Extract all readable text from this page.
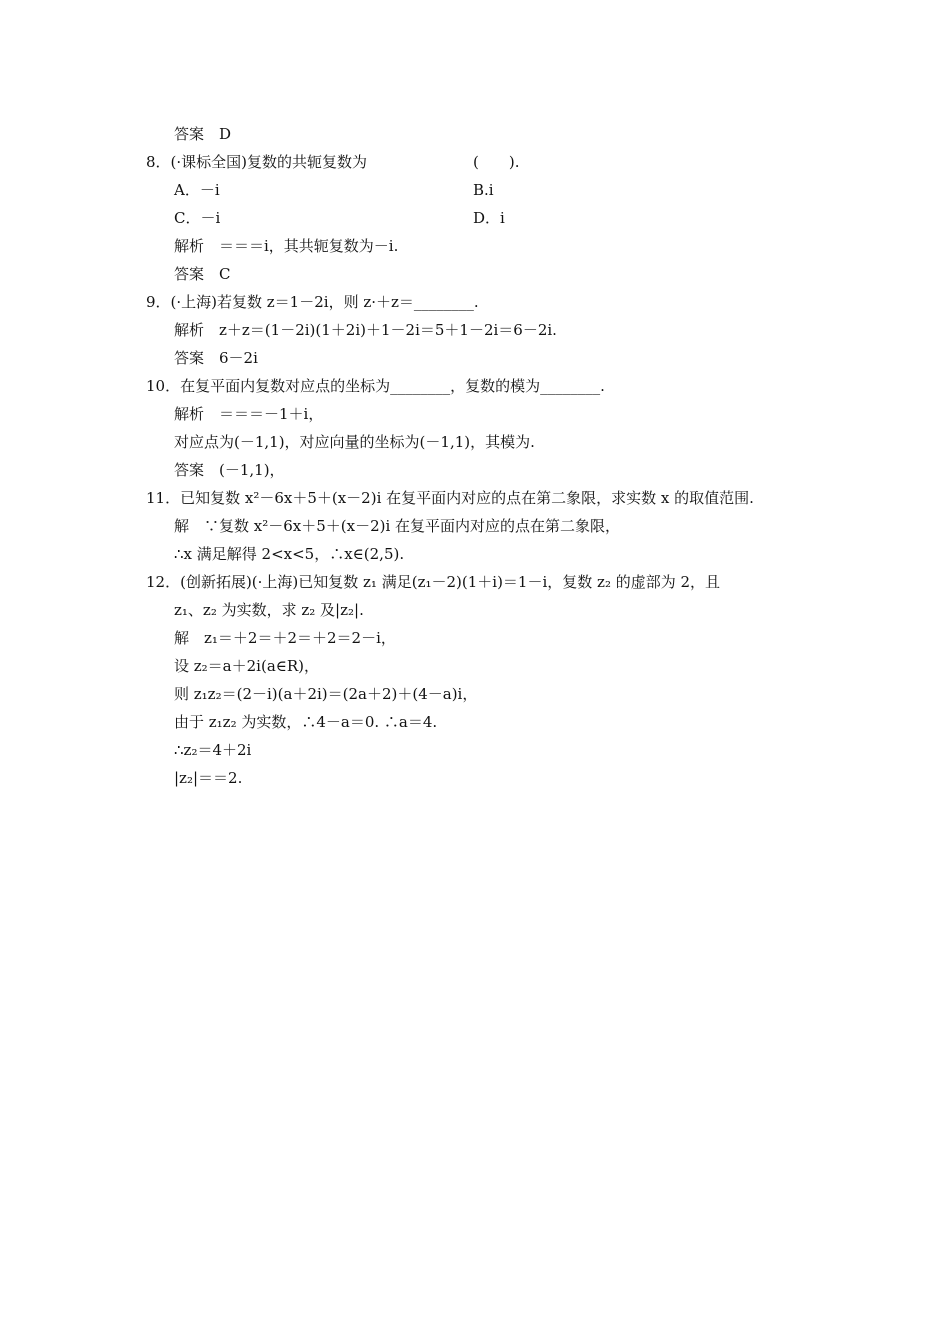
答案　D
8．(·课标全国)复数的共轭复数为	(　　).
A．－i	B.i
C．－i	D．i
解析　＝＝＝i，其共轭复数为－i.
答案　C
9．(·上海)若复数 z＝1－2i，则 z·＋z＝________.
解析　z＋z＝(1－2i)(1＋2i)＋1－2i＝5＋1－2i＝6－2i.
答案　6－2i
10．在复平面内复数对应点的坐标为________，复数的模为________.
解析　＝＝＝－1＋i，
对应点为(－1,1)，对应向量的坐标为(－1,1)，其模为.
答案　(－1,1)，
11．已知复数 x²－6x＋5＋(x－2)i 在复平面内对应的点在第二象限，求实数 x 的取值范围.
解　∵复数 x²－6x＋5＋(x－2)i 在复平面内对应的点在第二象限，
∴x 满足解得 2<x<5，∴x∈(2,5).
12．(创新拓展)(·上海)已知复数 z₁ 满足(z₁－2)(1＋i)＝1－i，复数 z₂ 的虚部为 2，且
z₁、z₂ 为实数，求 z₂ 及|z₂|.
解　z₁＝＋2＝＋2＝＋2＝2－i，
设 z₂＝a＋2i(a∈R)，
则 z₁z₂＝(2－i)(a＋2i)＝(2a＋2)＋(4－a)i，
由于 z₁z₂ 为实数，∴4－a＝0. ∴a＝4.
∴z₂＝4＋2i
|z₂|＝＝2.
